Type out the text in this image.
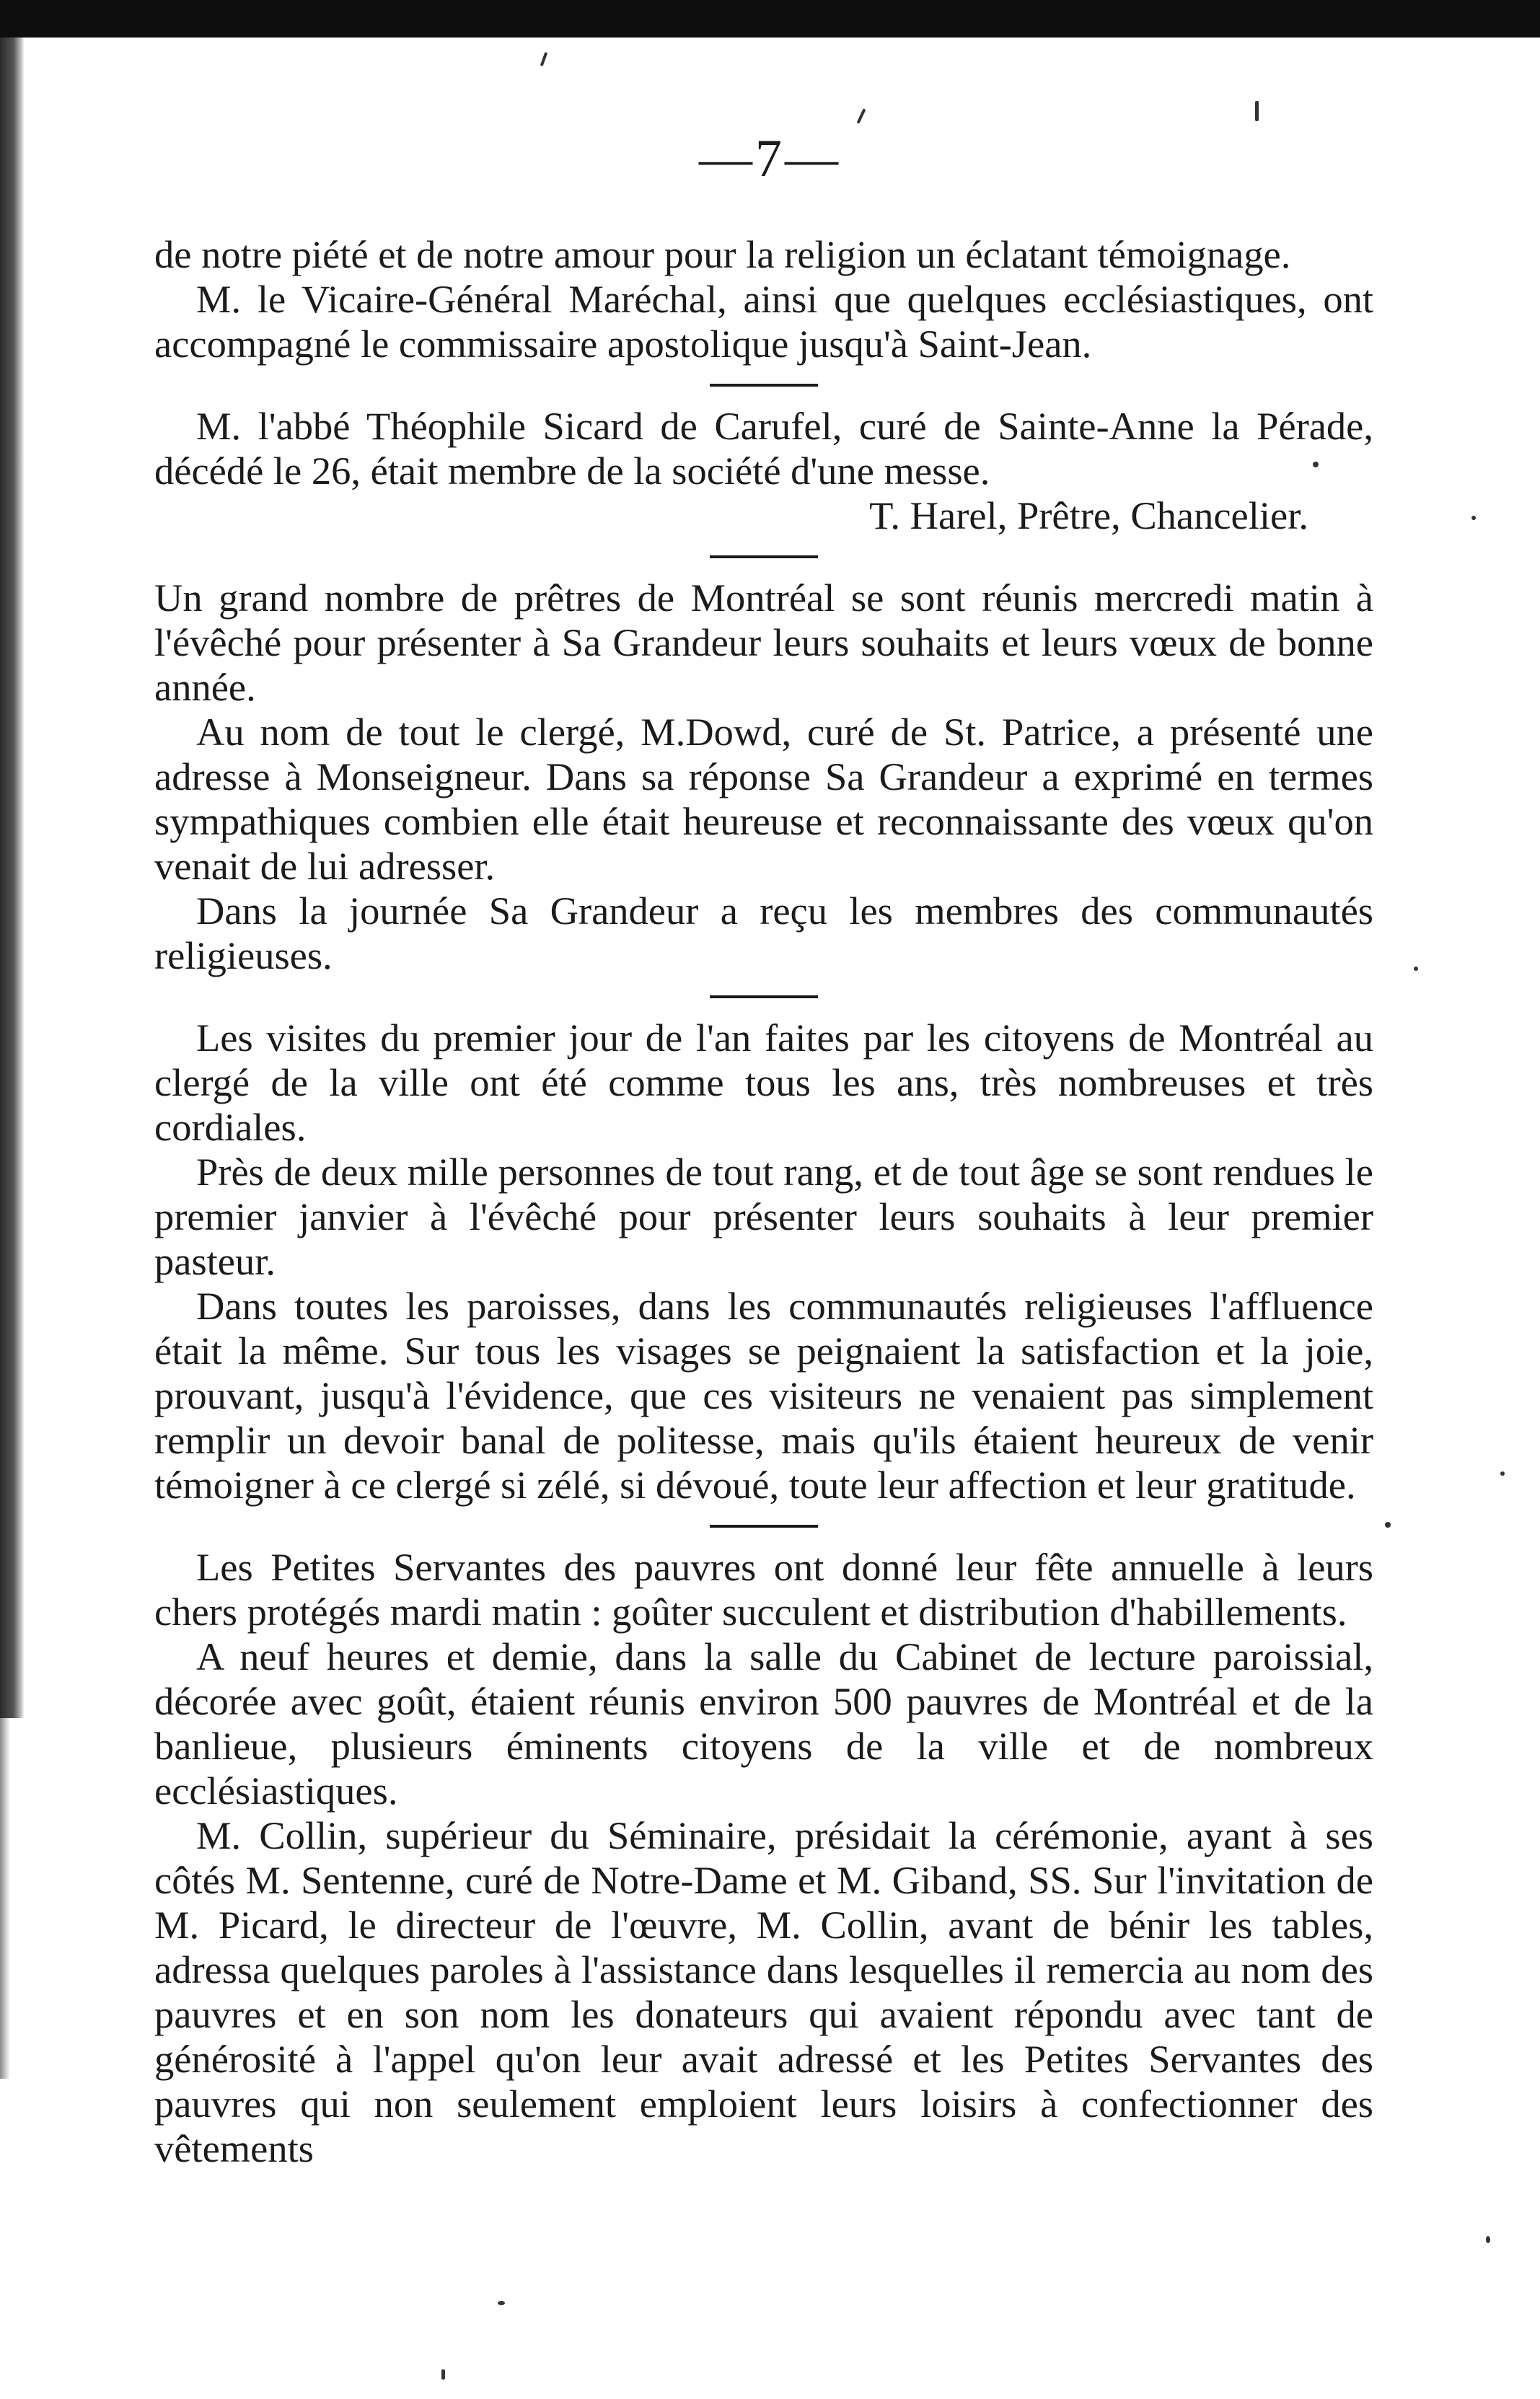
—7—

de notre piété et de notre amour pour la religion un éclatant témoignage.

M. le Vicaire-Général Maréchal, ainsi que quelques ecclésiastiques, ont accompagné le commissaire apostolique jusqu'à Saint-Jean.

M. l'abbé Théophile Sicard de Carufel, curé de Sainte-Anne la Pérade, décédé le 26, était membre de la société d'une messe.

T. Harel, Prêtre, Chancelier.

Un grand nombre de prêtres de Montréal se sont réunis mercredi matin à l'évêché pour présenter à Sa Grandeur leurs souhaits et leurs vœux de bonne année.

Au nom de tout le clergé, M.Dowd, curé de St. Patrice, a présenté une adresse à Monseigneur. Dans sa réponse Sa Grandeur a exprimé en termes sympathiques combien elle était heureuse et reconnaissante des vœux qu'on venait de lui adresser.

Dans la journée Sa Grandeur a reçu les membres des communautés religieuses.

Les visites du premier jour de l'an faites par les citoyens de Montréal au clergé de la ville ont été comme tous les ans, très nombreuses et très cordiales.

Près de deux mille personnes de tout rang, et de tout âge se sont rendues le premier janvier à l'évêché pour présenter leurs souhaits à leur premier pasteur.

Dans toutes les paroisses, dans les communautés religieuses l'affluence était la même. Sur tous les visages se peignaient la satisfaction et la joie, prouvant, jusqu'à l'évidence, que ces visiteurs ne venaient pas simplement remplir un devoir banal de politesse, mais qu'ils étaient heureux de venir témoigner à ce clergé si zélé, si dévoué, toute leur affection et leur gratitude.

Les Petites Servantes des pauvres ont donné leur fête annuelle à leurs chers protégés mardi matin : goûter succulent et distribution d'habillements.

A neuf heures et demie, dans la salle du Cabinet de lecture paroissial, décorée avec goût, étaient réunis environ 500 pauvres de Montréal et de la banlieue, plusieurs éminents citoyens de la ville et de nombreux ecclésiastiques.

M. Collin, supérieur du Séminaire, présidait la cérémonie, ayant à ses côtés M. Sentenne, curé de Notre-Dame et M. Giband, SS. Sur l'invitation de M. Picard, le directeur de l'œuvre, M. Collin, avant de bénir les tables, adressa quelques paroles à l'assistance dans lesquelles il remercia au nom des pauvres et en son nom les donateurs qui avaient répondu avec tant de générosité à l'appel qu'on leur avait adressé et les Petites Servantes des pauvres qui non seulement emploient leurs loisirs à confectionner des vêtements
